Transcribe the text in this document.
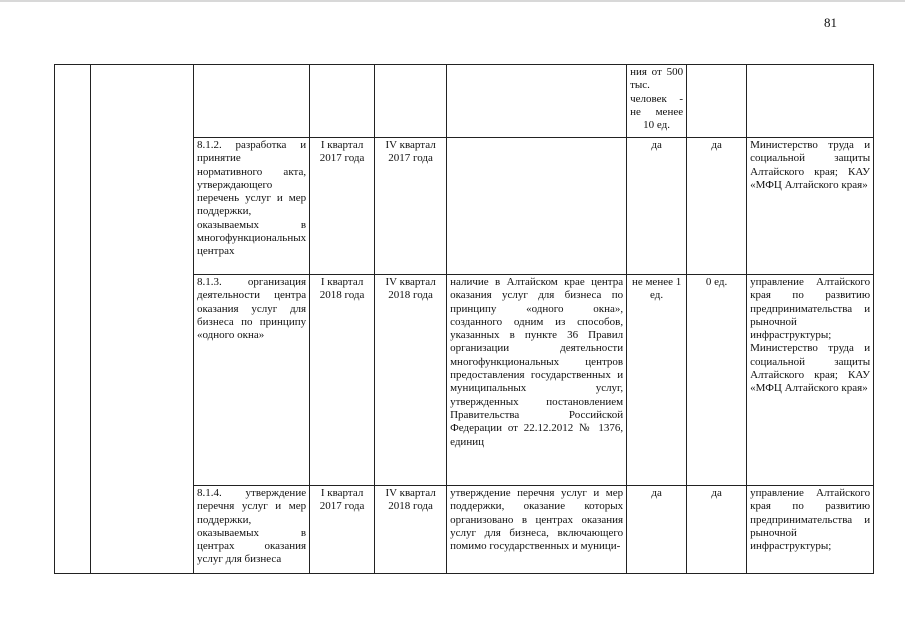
81
						ния от 500 тыс. человек - не менее 10 ед.		
		8.1.2. разработка и принятие нормативного акта, утверждающего перечень услуг и мер поддержки, оказываемых в многофункциональных центрах	I квартал 2017 года	IV квартал 2017 года		да	да	Министерство труда и социальной защиты Алтайского края; КАУ «МФЦ Алтайского края»
		8.1.3. организация деятельности центра оказания услуг для бизнеса по принципу «одного окна»	I квартал 2018 года	IV квартал 2018 года	наличие в Алтайском крае центра оказания услуг для бизнеса по принципу «одного окна», созданного одним из способов, указанных в пункте 36 Правил организации деятельности многофункциональных центров предоставления государственных и муниципальных услуг, утвержденных постановлением Правительства Российской Федерации от 22.12.2012 № 1376, единиц	не менее 1 ед.	0 ед.	управление Алтайского края по развитию предпринимательства и рыночной инфраструктуры; Министерство труда и социальной защиты Алтайского края; КАУ «МФЦ Алтайского края»
		8.1.4. утверждение перечня услуг и мер поддержки, оказываемых в центрах оказания услуг для бизнеса	I квартал 2017 года	IV квартал 2018 года	утверждение перечня услуг и мер поддержки, оказание которых организовано в центрах оказания услуг для бизнеса, включающего помимо государственных и муници-	да	да	управление Алтайского края по развитию предпринимательства и рыночной инфраструктуры;
